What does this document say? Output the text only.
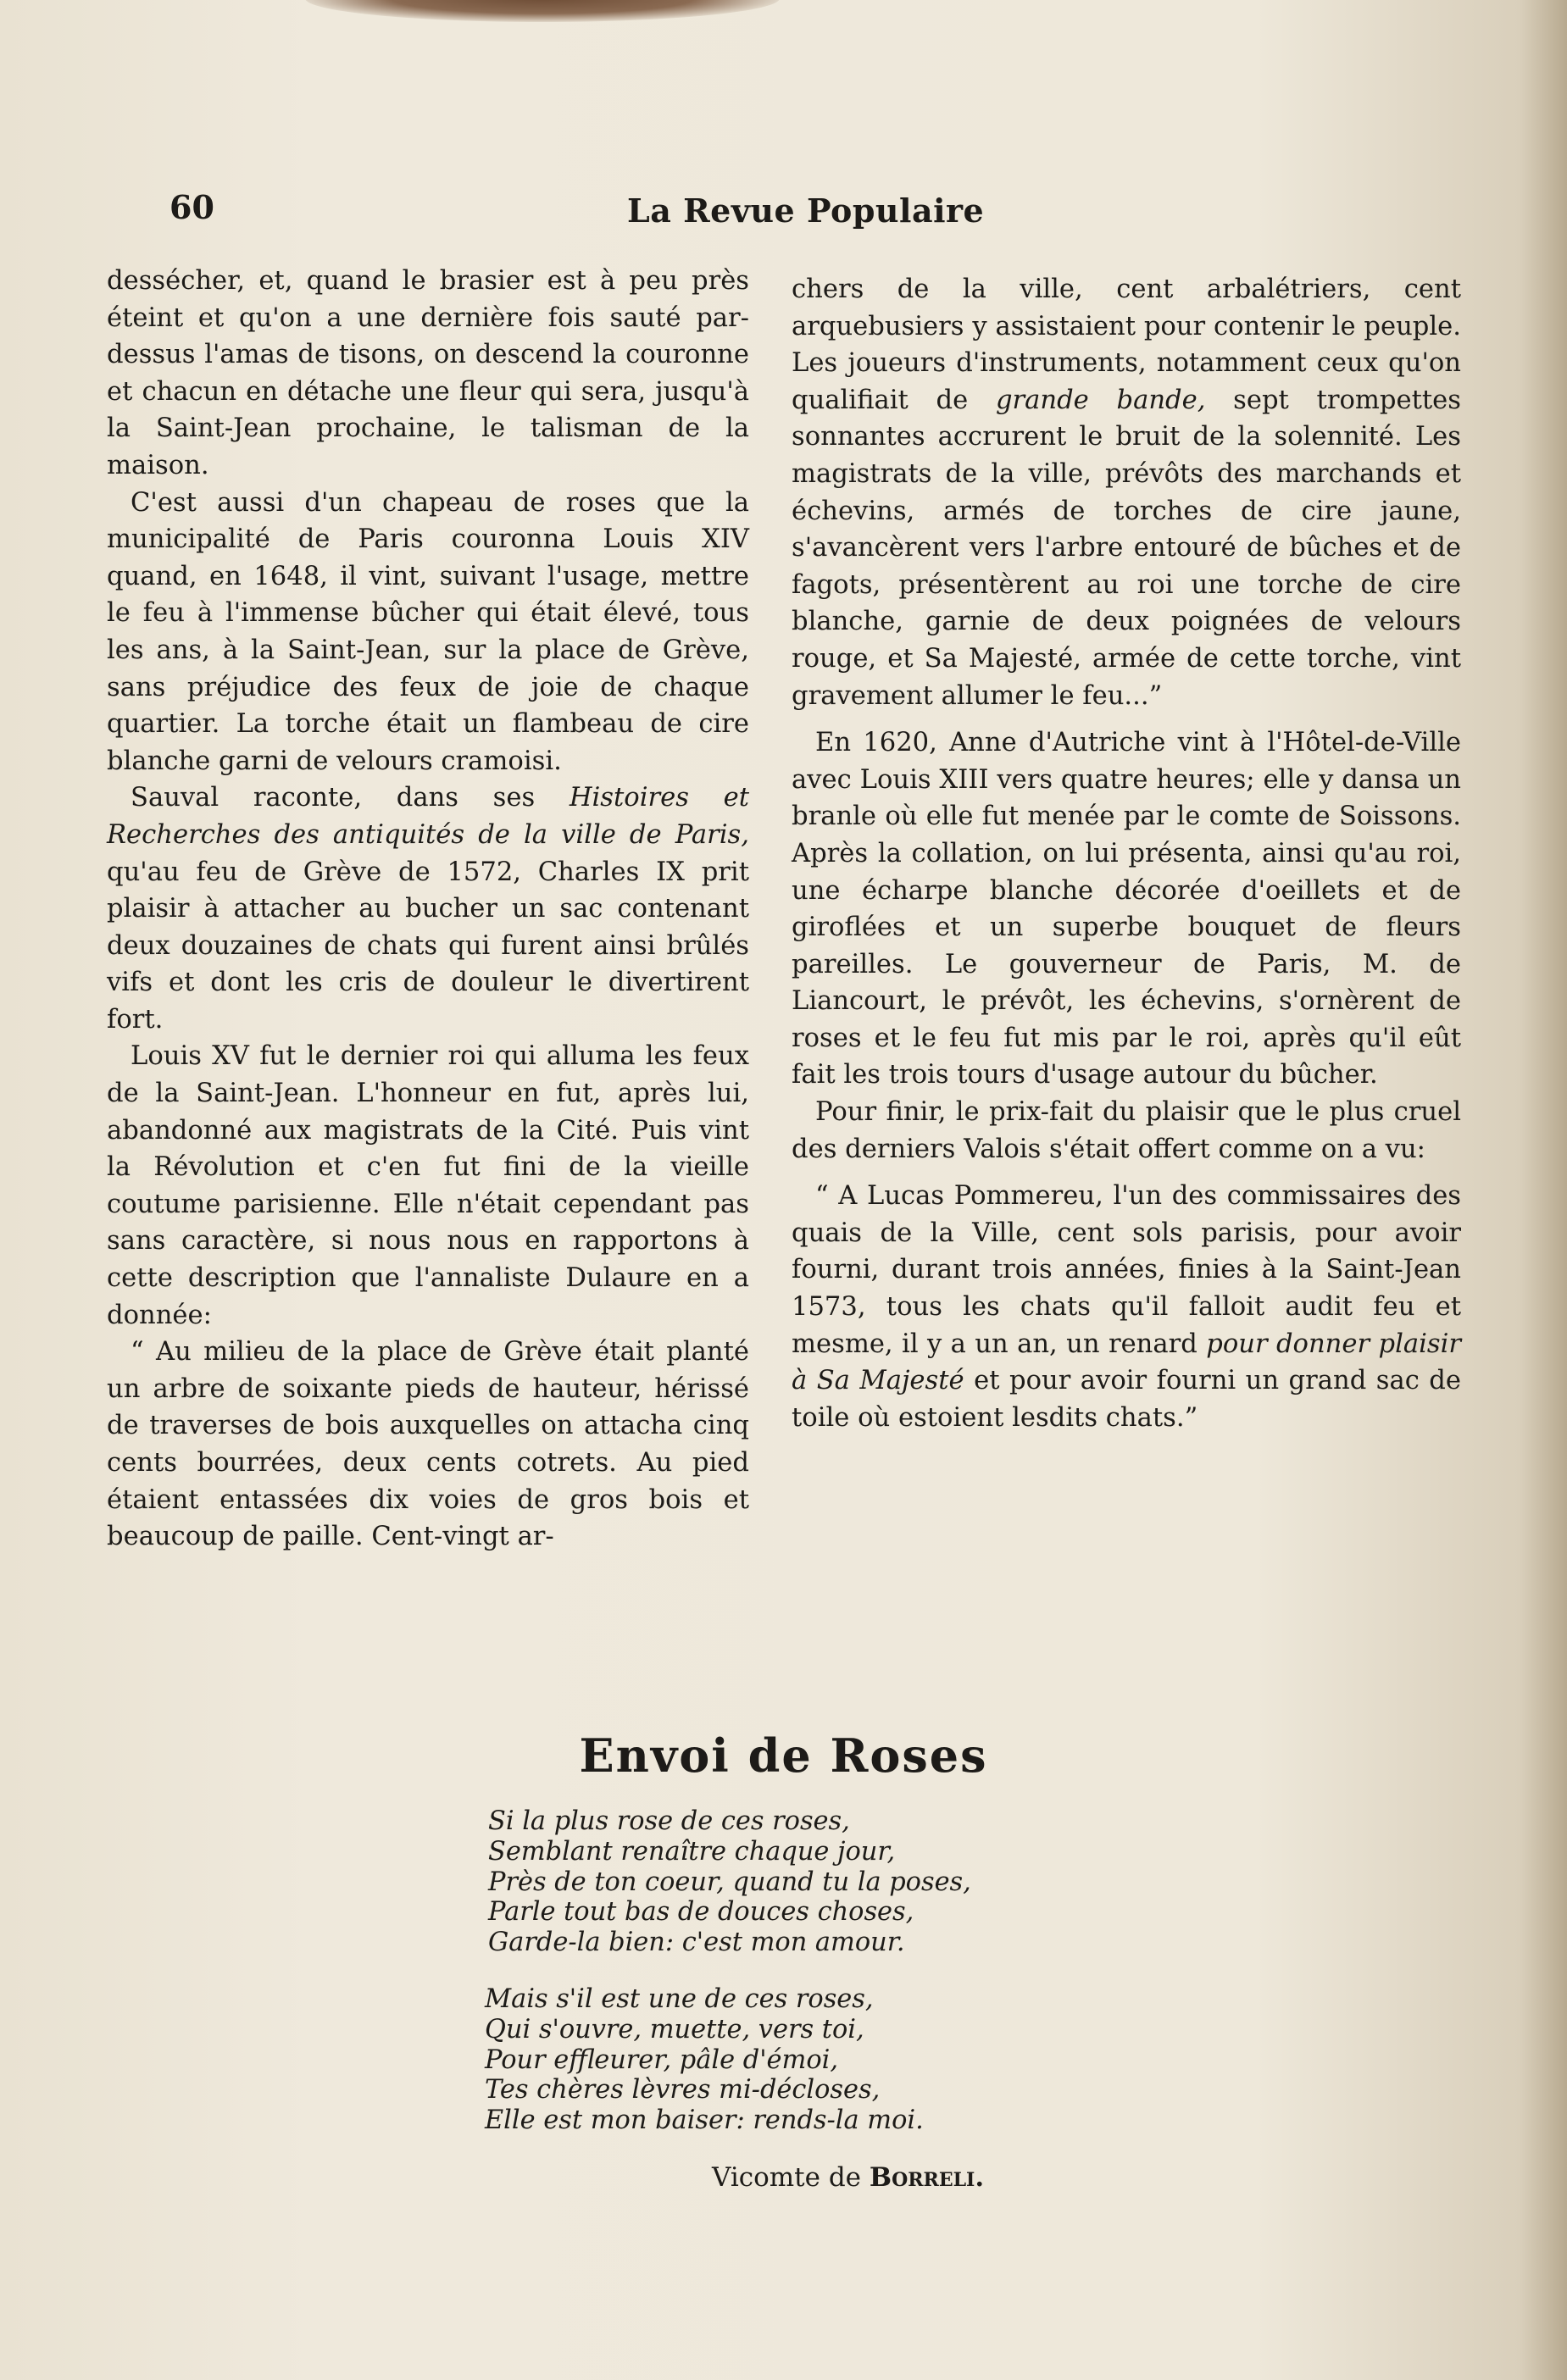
60	La Revue Populaire

dessécher, et, quand le brasier est à peu près éteint et qu'on a une dernière fois sauté par-dessus l'amas de tisons, on descend la couronne et chacun en détache une fleur qui sera, jusqu'à la Saint-Jean prochaine, le talisman de la maison.

C'est aussi d'un chapeau de roses que la municipalité de Paris couronna Louis XIV quand, en 1648, il vint, suivant l'usage, mettre le feu à l'immense bûcher qui était élevé, tous les ans, à la Saint-Jean, sur la place de Grève, sans préjudice des feux de joie de chaque quartier. La torche était un flambeau de cire blanche garni de velours cramoisi.

Sauval raconte, dans ses Histoires et Recherches des antiquités de la ville de Paris, qu'au feu de Grève de 1572, Charles IX prit plaisir à attacher au bucher un sac contenant deux douzaines de chats qui furent ainsi brûlés vifs et dont les cris de douleur le divertirent fort.

Louis XV fut le dernier roi qui alluma les feux de la Saint-Jean. L'honneur en fut, après lui, abandonné aux magistrats de la Cité. Puis vint la Révolution et c'en fut fini de la vieille coutume parisienne. Elle n'était cependant pas sans caractère, si nous nous en rapportons à cette description que l'annaliste Dulaure en a donnée:

“ Au milieu de la place de Grève était planté un arbre de soixante pieds de hauteur, hérissé de traverses de bois auxquelles on attacha cinq cents bourrées, deux cents cotrets. Au pied étaient entassées dix voies de gros bois et beaucoup de paille. Cent-vingt ar-

chers de la ville, cent arbalétriers, cent arquebusiers y assistaient pour contenir le peuple. Les joueurs d'instruments, notamment ceux qu'on qualifiait de grande bande, sept trompettes sonnantes accrurent le bruit de la solennité. Les magistrats de la ville, prévôts des marchands et échevins, armés de torches de cire jaune, s'avancèrent vers l'arbre entouré de bûches et de fagots, présentèrent au roi une torche de cire blanche, garnie de deux poignées de velours rouge, et Sa Majesté, armée de cette torche, vint gravement allumer le feu...”

En 1620, Anne d'Autriche vint à l'Hôtel-de-Ville avec Louis XIII vers quatre heures; elle y dansa un branle où elle fut menée par le comte de Soissons. Après la collation, on lui présenta, ainsi qu'au roi, une écharpe blanche décorée d'oeillets et de giroflées et un superbe bouquet de fleurs pareilles. Le gouverneur de Paris, M. de Liancourt, le prévôt, les échevins, s'ornèrent de roses et le feu fut mis par le roi, après qu'il eût fait les trois tours d'usage autour du bûcher.

Pour finir, le prix-fait du plaisir que le plus cruel des derniers Valois s'était offert comme on a vu:

“ A Lucas Pommereu, l'un des commissaires des quais de la Ville, cent sols parisis, pour avoir fourni, durant trois années, finies à la Saint-Jean 1573, tous les chats qu'il falloit audit feu et mesme, il y a un an, un renard pour donner plaisir à Sa Majesté et pour avoir fourni un grand sac de toile où estoient lesdits chats.”

Envoi de Roses
Si la plus rose de ces roses,
Semblant renaître chaque jour,
Près de ton coeur, quand tu la poses,
Parle tout bas de douces choses,
Garde-la bien: c'est mon amour.
Mais s'il est une de ces roses,
Qui s'ouvre, muette, vers toi,
Pour effleurer, pâle d'émoi,
Tes chères lèvres mi-décloses,
Elle est mon baiser: rends-la moi.
Vicomte de Borreli.
